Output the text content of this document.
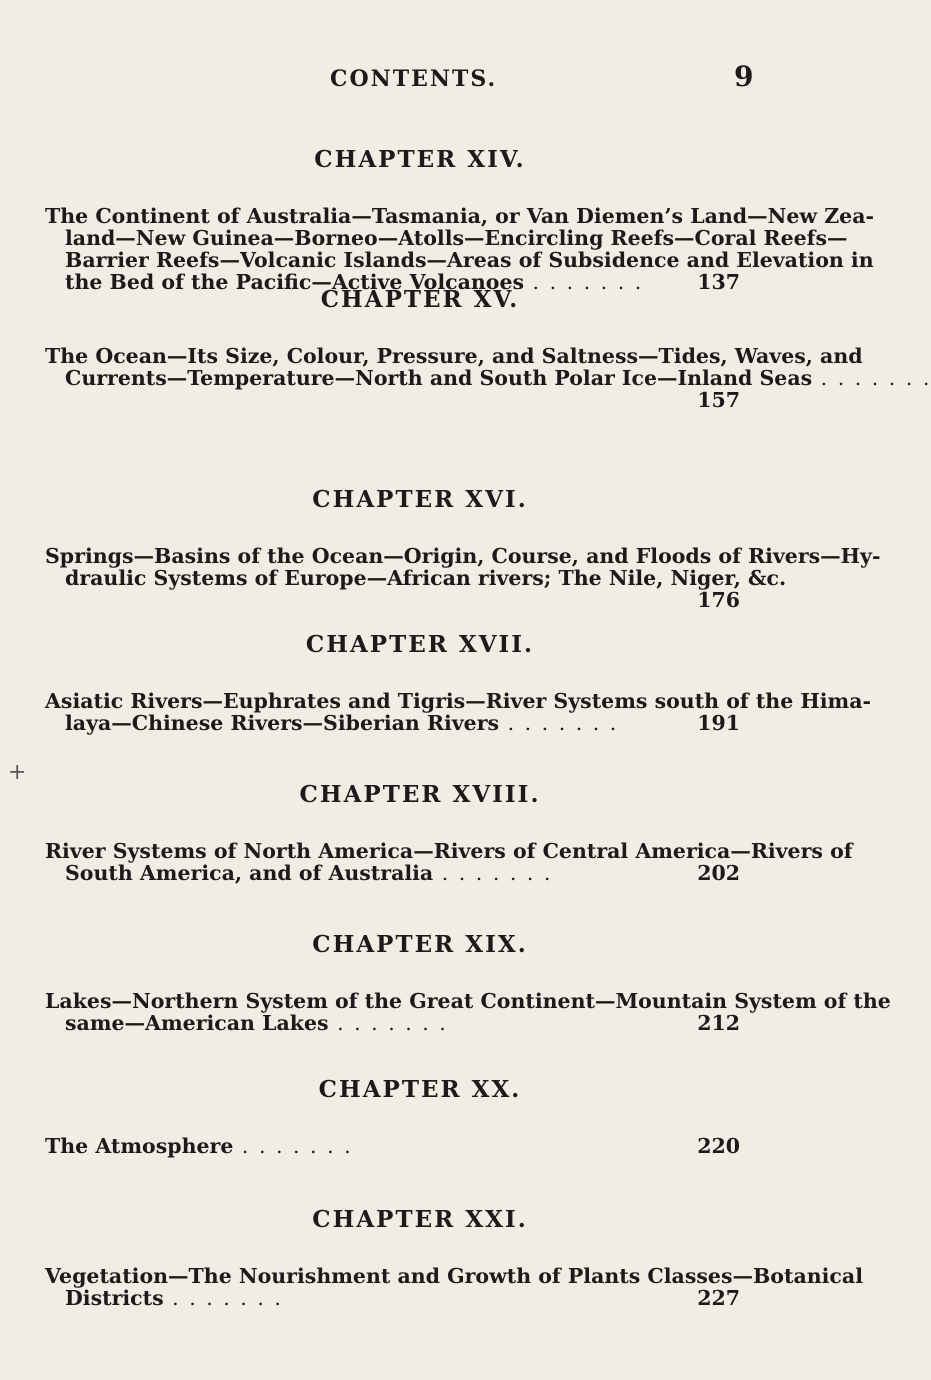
CONTENTS.	9
+
CHAPTER XIV.
The Continent of Australia—Tasmania, or Van Diemen’s Land—New Zea-
land—New Guinea—Borneo—Atolls—Encircling Reefs—Coral Reefs—
Barrier Reefs—Volcanic Islands—Areas of Subsidence and Elevation in
the Bed of the Pacific—Active Volcanoes . . . . . . .	137
CHAPTER XV.
The Ocean—Its Size, Colour, Pressure, and Saltness—Tides, Waves, and
Currents—Temperature—North and South Polar Ice—Inland Seas . . . . . . .
157
CHAPTER XVI.
Springs—Basins of the Ocean—Origin, Course, and Floods of Rivers—Hy-
draulic Systems of Europe—African rivers; The Nile, Niger, &c.
176
CHAPTER XVII.
Asiatic Rivers—Euphrates and Tigris—River Systems south of the Hima-
laya—Chinese Rivers—Siberian Rivers . . . . . . .	191
CHAPTER XVIII.
River Systems of North America—Rivers of Central America—Rivers of
South America, and of Australia . . . . . . .	202
CHAPTER XIX.
Lakes—Northern System of the Great Continent—Mountain System of the
same—American Lakes . . . . . . .	212
CHAPTER XX.
The Atmosphere . . . . . . .	220
CHAPTER XXI.
Vegetation—The Nourishment and Growth of Plants Classes—Botanical
Districts . . . . . . .	227
